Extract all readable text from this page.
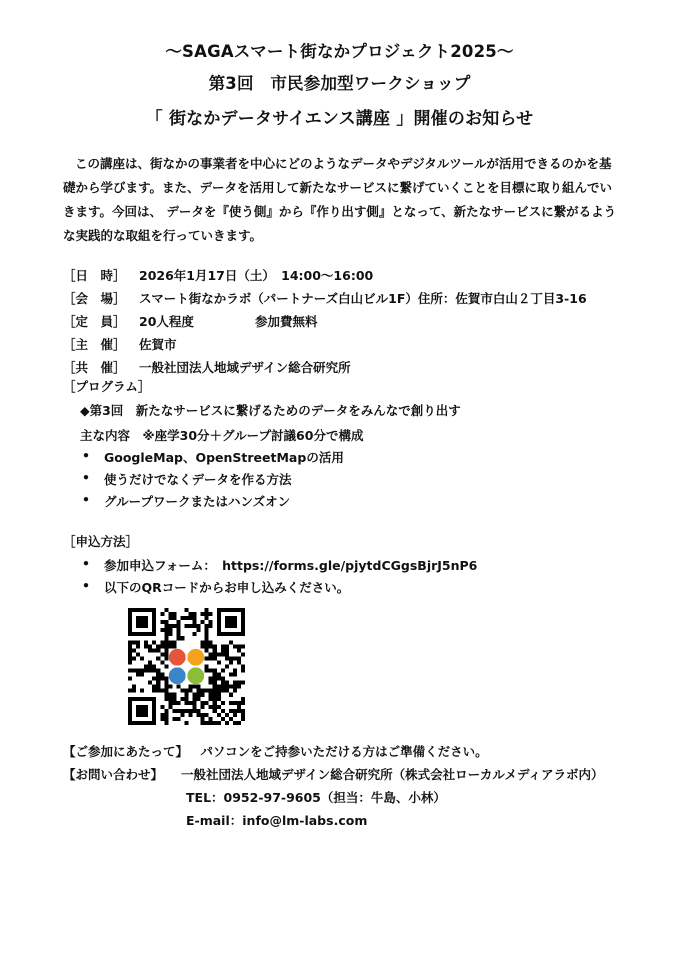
〜SAGAスマート街なかプロジェクト2025〜
第3回　市民参加型ワークショップ
「 街なかデータサイエンス講座 」開催のお知らせ
この講座は、街なかの事業者を中心にどのようなデータやデジタルツールが活用できるのかを基
礎から学びます。また、データを活用して新たなサービスに繋げていくことを目標に取り組んでい
きます。今回は、 データを『使う側』から『作り出す側』となって、新たなサービスに繋がるよう
な実践的な取組を行っていきます。
［日　時］ 2026年1月17日（土）　14:00〜16:00
［会　場］ スマート街なかラボ（パートナーズ白山ビル1F）住所：佐賀市白山２丁目3-16
［定　員］ 20人程度	参加費無料
［主　催］ 佐賀市
［共　催］ 一般社団法人地域デザイン総合研究所
［プログラム］
◆第3回　新たなサービスに繋げるためのデータをみんなで創り出す
主な内容　※座学30分＋グループ討議60分で構成
• GoogleMap、OpenStreetMapの活用
• 使うだけでなくデータを作る方法
• グループワークまたはハンズオン
［申込方法］
• 参加申込フォーム：　https://forms.gle/pjytdCGgsBjrJ5nP6
• 以下のQRコードからお申し込みください。
【ご参加にあたって】 パソコンをご持参いただける方はご準備ください。
【お問い合わせ】 一般社団法人地域デザイン総合研究所（株式会社ローカルメディアラボ内）
TEL：0952-97-9605（担当：牛島、小林）
E-mail：info@lm-labs.com
